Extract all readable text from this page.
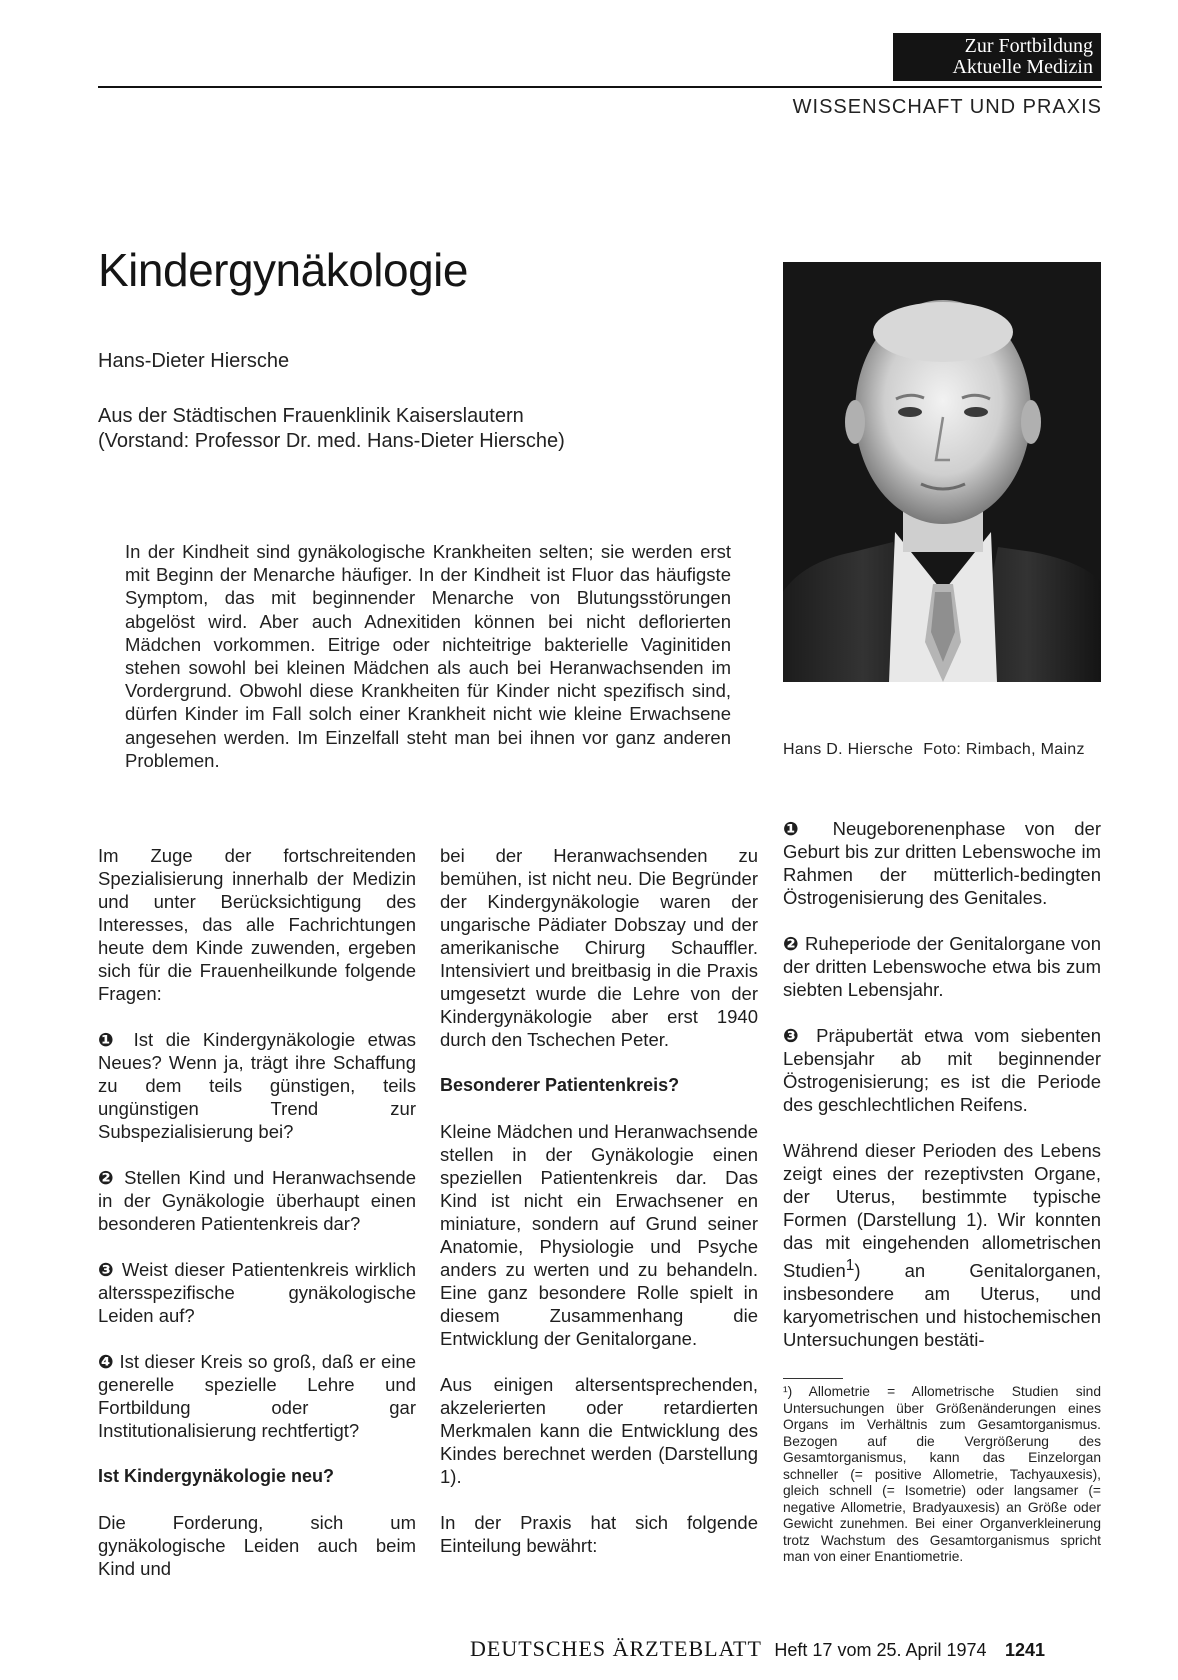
Zur Fortbildung
Aktuelle Medizin
WISSENSCHAFT UND PRAXIS
Kindergynäkologie
Hans-Dieter Hiersche
Aus der Städtischen Frauenklinik Kaiserslautern
(Vorstand: Professor Dr. med. Hans-Dieter Hiersche)
Hans D. Hiersche Foto: Rimbach, Mainz

In der Kindheit sind gynäkologische Krankheiten selten; sie werden erst mit Beginn der Menarche häufiger. In der Kindheit ist Fluor das häufigste Symptom, das mit beginnender Menarche von Blutungsstörungen abgelöst wird. Aber auch Adnexitiden können bei nicht deflorierten Mädchen vorkommen. Eitrige oder nichteitrige bakterielle Vaginitiden stehen sowohl bei kleinen Mädchen als auch bei Heranwachsenden im Vordergrund. Obwohl diese Krankheiten für Kinder nicht spezifisch sind, dürfen Kinder im Fall solch einer Krankheit nicht wie kleine Erwachsene angesehen werden. Im Einzelfall steht man bei ihnen vor ganz anderen Problemen.

Im Zuge der fortschreitenden Spezialisierung innerhalb der Medizin und unter Berücksichtigung des Interesses, das alle Fachrichtungen heute dem Kinde zuwenden, ergeben sich für die Frauenheilkunde folgende Fragen:

❶ Ist die Kindergynäkologie etwas Neues? Wenn ja, trägt ihre Schaffung zu dem teils günstigen, teils ungünstigen Trend zur Subspezialisierung bei?

❷ Stellen Kind und Heranwachsende in der Gynäkologie überhaupt einen besonderen Patientenkreis dar?

❸ Weist dieser Patientenkreis wirklich altersspezifische gynäkologische Leiden auf?

❹ Ist dieser Kreis so groß, daß er eine generelle spezielle Lehre und Fortbildung oder gar Institutionalisierung rechtfertigt?

Ist Kindergynäkologie neu?

Die Forderung, sich um gynäkologische Leiden auch beim Kind und

bei der Heranwachsenden zu bemühen, ist nicht neu. Die Begründer der Kindergynäkologie waren der ungarische Pädiater Dobszay und der amerikanische Chirurg Schauffler. Intensiviert und breitbasig in die Praxis umgesetzt wurde die Lehre von der Kindergynäkologie aber erst 1940 durch den Tschechen Peter.

Besonderer Patientenkreis?

Kleine Mädchen und Heranwachsende stellen in der Gynäkologie einen speziellen Patientenkreis dar. Das Kind ist nicht ein Erwachsener en miniature, sondern auf Grund seiner Anatomie, Physiologie und Psyche anders zu werten und zu behandeln. Eine ganz besondere Rolle spielt in diesem Zusammenhang die Entwicklung der Genitalorgane.

Aus einigen altersentsprechenden, akzelerierten oder retardierten Merkmalen kann die Entwicklung des Kindes berechnet werden (Darstellung 1).

In der Praxis hat sich folgende Einteilung bewährt:

❶ Neugeborenenphase von der Geburt bis zur dritten Lebenswoche im Rahmen der mütterlich-bedingten Östrogenisierung des Genitales.

❷ Ruheperiode der Genitalorgane von der dritten Lebenswoche etwa bis zum siebten Lebensjahr.

❸ Präpubertät etwa vom siebenten Lebensjahr ab mit beginnender Östrogenisierung; es ist die Periode des geschlechtlichen Reifens.

Während dieser Perioden des Lebens zeigt eines der rezeptivsten Organe, der Uterus, bestimmte typische Formen (Darstellung 1). Wir konnten das mit eingehenden allometrischen Studien$^1$) an Genitalorganen, insbesondere am Uterus, und karyometrischen und histochemischen Untersuchungen bestäti-

¹) Allometrie = Allometrische Studien sind Untersuchungen über Größenänderungen eines Organs im Verhältnis zum Gesamtorganismus. Bezogen auf die Vergrößerung des Gesamtorganismus, kann das Einzelorgan schneller (= positive Allometrie, Tachyauxesis), gleich schnell (= Isometrie) oder langsamer (= negative Allometrie, Bradyauxesis) an Größe oder Gewicht zunehmen. Bei einer Organverkleinerung trotz Wachstum des Gesamtorganismus spricht man von einer Enantiometrie.

DEUTSCHES ÄRZTEBLATT Heft 17 vom 25. April 1974 1241
